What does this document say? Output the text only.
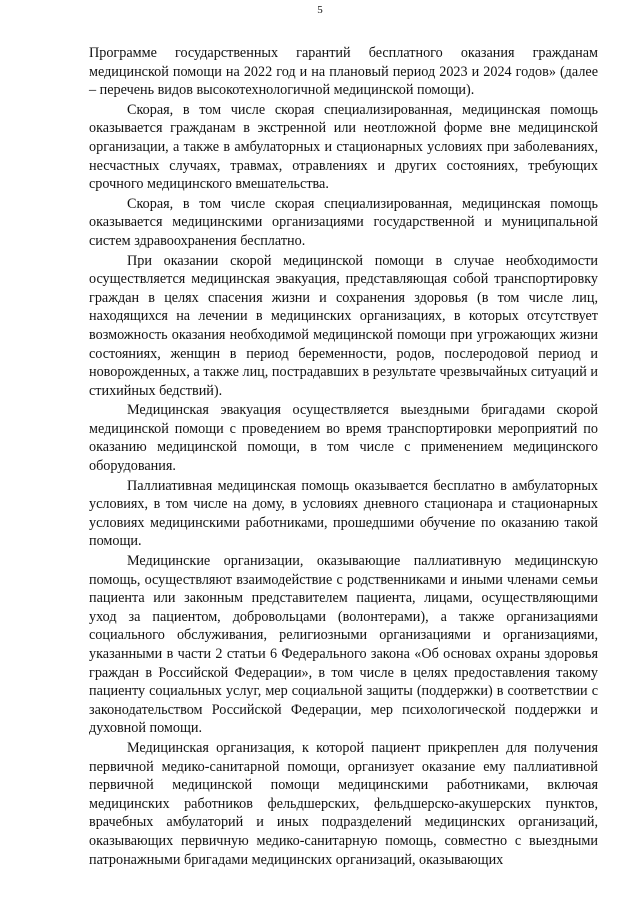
5

Программе государственных гарантий бесплатного оказания гражданам медицинской помощи на 2022 год и на плановый период 2023 и 2024 годов» (далее – перечень видов высокотехнологичной медицинской помощи).

Скорая, в том числе скорая специализированная, медицинская помощь оказывается гражданам в экстренной или неотложной форме вне медицинской организации, а также в амбулаторных и стационарных условиях при заболеваниях, несчастных случаях, травмах, отравлениях и других состояниях, требующих срочного медицинского вмешательства.

Скорая, в том числе скорая специализированная, медицинская помощь оказывается медицинскими организациями государственной и муниципальной систем здравоохранения бесплатно.

При оказании скорой медицинской помощи в случае необходимости осуществляется медицинская эвакуация, представляющая собой транспортировку граждан в целях спасения жизни и сохранения здоровья (в том числе лиц, находящихся на лечении в медицинских организациях, в которых отсутствует возможность оказания необходимой медицинской помощи при угрожающих жизни состояниях, женщин в период беременности, родов, послеродовой период и новорожденных, а также лиц, пострадавших в результате чрезвычайных ситуаций и стихийных бедствий).

Медицинская эвакуация осуществляется выездными бригадами скорой медицинской помощи с проведением во время транспортировки мероприятий по оказанию медицинской помощи, в том числе с применением медицинского оборудования.

Паллиативная медицинская помощь оказывается бесплатно в амбулаторных условиях, в том числе на дому, в условиях дневного стационара и стационарных условиях медицинскими работниками, прошедшими обучение по оказанию такой помощи.

Медицинские организации, оказывающие паллиативную медицинскую помощь, осуществляют взаимодействие с родственниками и иными членами семьи пациента или законным представителем пациента, лицами, осуществляющими уход за пациентом, добровольцами (волонтерами), а также организациями социального обслуживания, религиозными организациями и организациями, указанными в части 2 статьи 6 Федерального закона «Об основах охраны здоровья граждан в Российской Федерации», в том числе в целях предоставления такому пациенту социальных услуг, мер социальной защиты (поддержки) в соответствии с законодательством Российской Федерации, мер психологической поддержки и духовной помощи.

Медицинская организация, к которой пациент прикреплен для получения первичной медико-санитарной помощи, организует оказание ему паллиативной первичной медицинской помощи медицинскими работниками, включая медицинских работников фельдшерских, фельдшерско-акушерских пунктов, врачебных амбулаторий и иных подразделений медицинских организаций, оказывающих первичную медико-санитарную помощь, совместно с выездными патронажными бригадами медицинских организаций, оказывающих
